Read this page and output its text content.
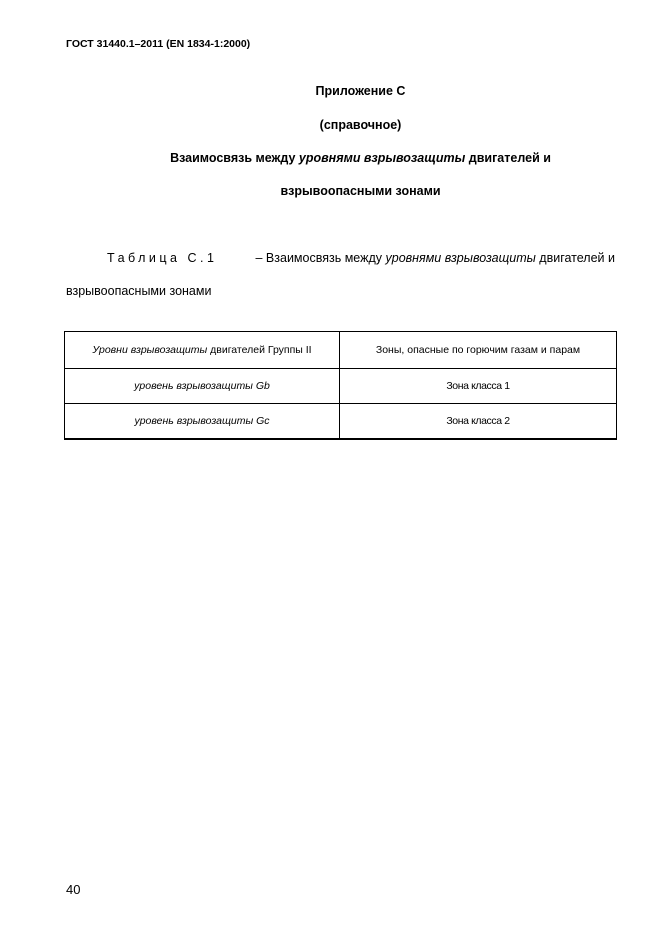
ГОСТ 31440.1–2011 (EN 1834-1:2000)
Приложение С
(справочное)
Взаимосвязь между уровнями взрывозащиты двигателей и
взрывоопасными зонами
Таблица С.1	– Взаимосвязь между уровнями взрывозащиты двигателей и
взрывоопасными зонами
Уровни взрывозащиты двигателей Группы II	Зоны, опасные по горючим газам и парам
уровень взрывозащиты Gb	Зона класса 1
уровень взрывозащиты Gc	Зона класса 2
40
